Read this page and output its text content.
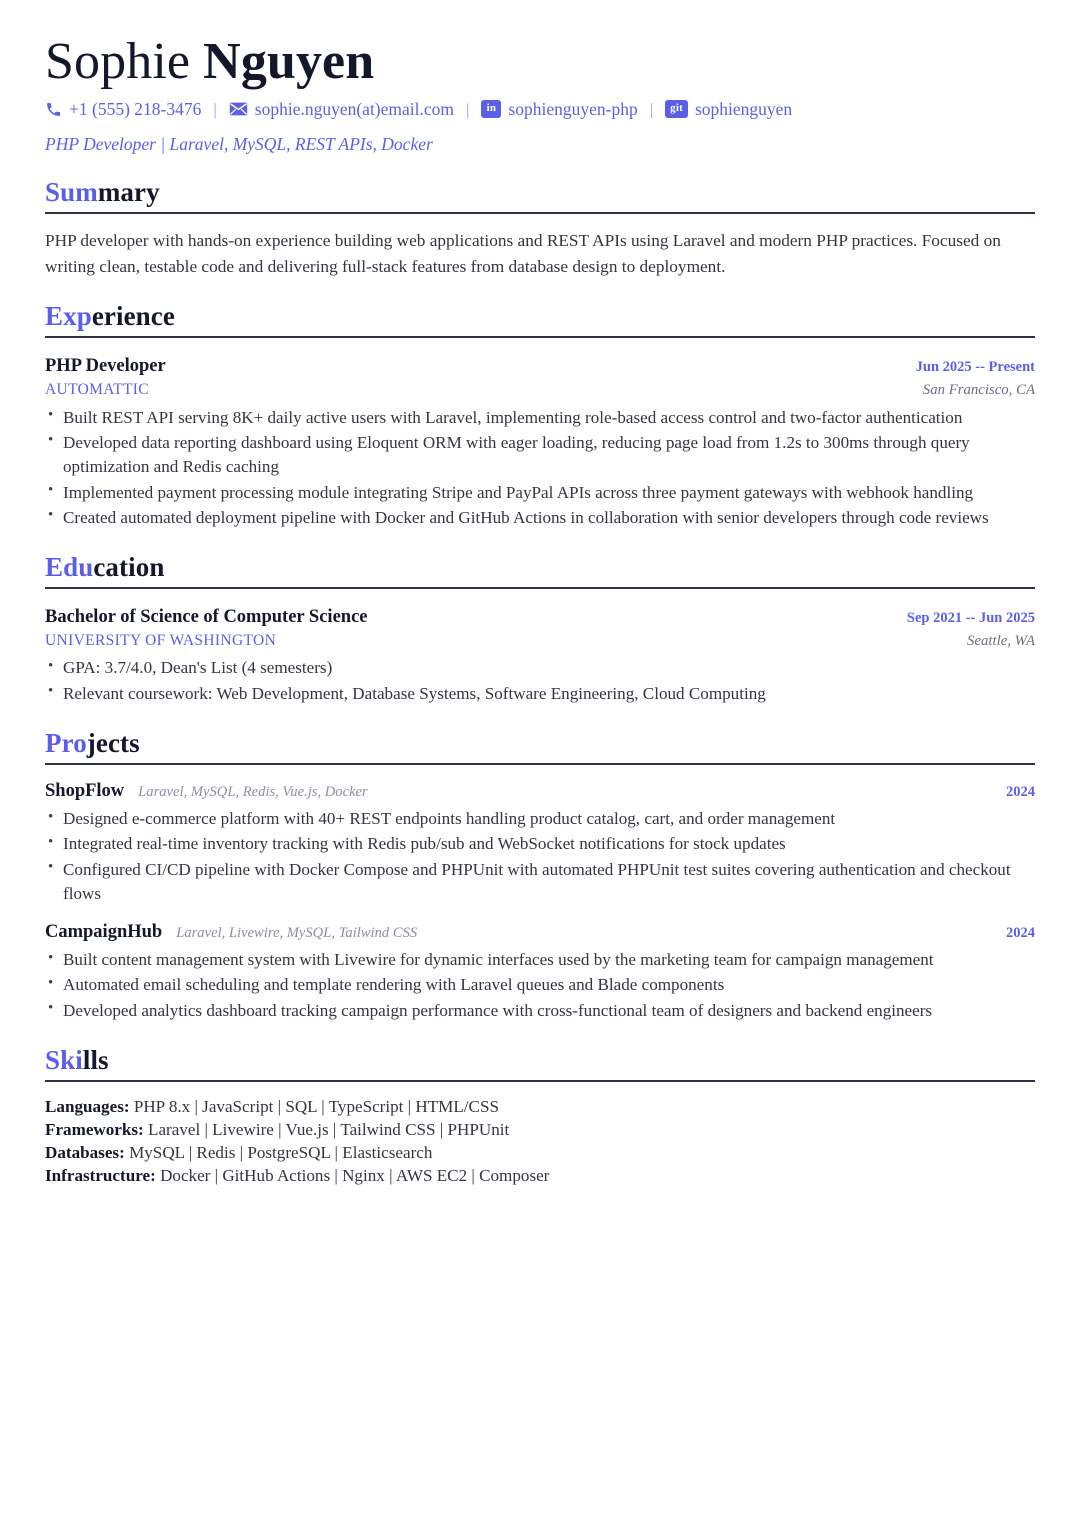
Sophie Nguyen
+1 (555) 218-3476 |	sophie.nguyen(at)email.com |	in sophienguyen-php |	git sophienguyen
PHP Developer | Laravel, MySQL, REST APIs, Docker
Summary

PHP developer with hands-on experience building web applications and REST APIs using Laravel and modern PHP practices. Focused on writing clean, testable code and delivering full-stack features from database design to deployment.

Experience
PHP Developer	Jun 2025 -- Present
AUTOMATTIC	San Francisco, CA
• Built REST API serving 8K+ daily active users with Laravel, implementing role-based access control and two-factor authentication
• Developed data reporting dashboard using Eloquent ORM with eager loading, reducing page load from 1.2s to 300ms through query optimization and Redis caching
• Implemented payment processing module integrating Stripe and PayPal APIs across three payment gateways with webhook handling
• Created automated deployment pipeline with Docker and GitHub Actions in collaboration with senior developers through code reviews
Education
Bachelor of Science of Computer Science	Sep 2021 -- Jun 2025
UNIVERSITY OF WASHINGTON	Seattle, WA
• GPA: 3.7/4.0, Dean's List (4 semesters)
• Relevant coursework: Web Development, Database Systems, Software Engineering, Cloud Computing
Projects
ShopFlow Laravel, MySQL, Redis, Vue.js, Docker	2024
• Designed e-commerce platform with 40+ REST endpoints handling product catalog, cart, and order management
• Integrated real-time inventory tracking with Redis pub/sub and WebSocket notifications for stock updates
• Configured CI/CD pipeline with Docker Compose and PHPUnit with automated PHPUnit test suites covering authentication and checkout flows
CampaignHub Laravel, Livewire, MySQL, Tailwind CSS	2024
• Built content management system with Livewire for dynamic interfaces used by the marketing team for campaign management
• Automated email scheduling and template rendering with Laravel queues and Blade components
• Developed analytics dashboard tracking campaign performance with cross-functional team of designers and backend engineers
Skills
Languages: PHP 8.x | JavaScript | SQL | TypeScript | HTML/CSS
Frameworks: Laravel | Livewire | Vue.js | Tailwind CSS | PHPUnit
Databases: MySQL | Redis | PostgreSQL | Elasticsearch
Infrastructure: Docker | GitHub Actions | Nginx | AWS EC2 | Composer
